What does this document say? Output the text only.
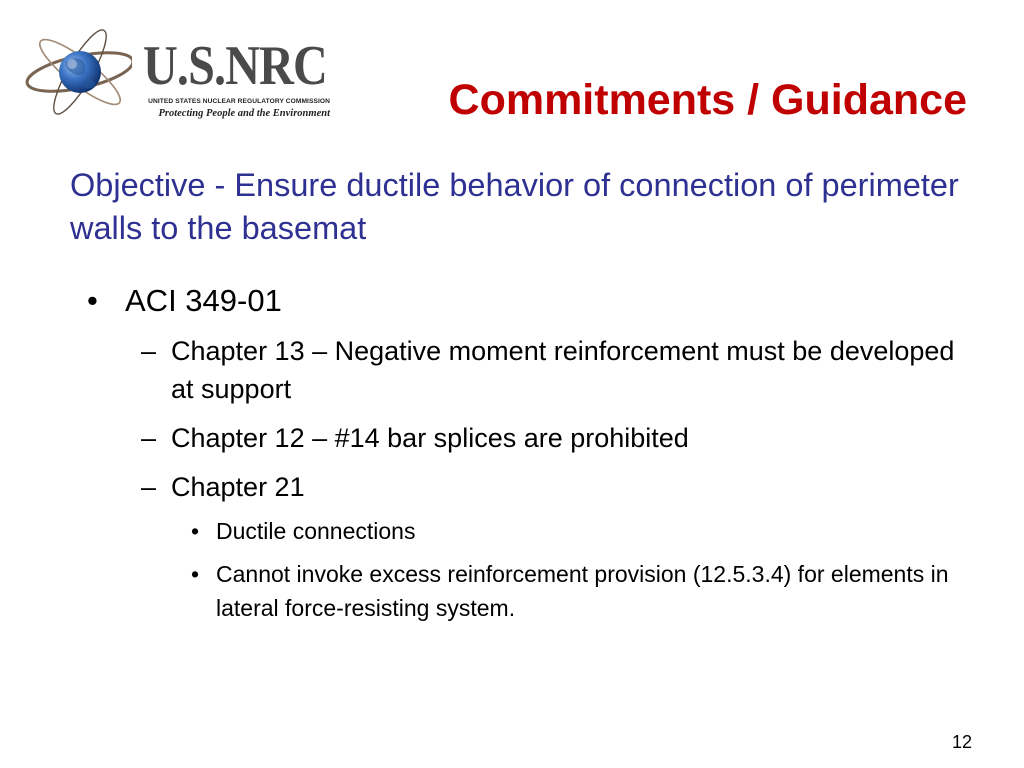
U.S.NRC
UNITED STATES NUCLEAR REGULATORY COMMISSION
Protecting People and the Environment	Commitments / Guidance
Objective - Ensure ductile behavior of connection of perimeter walls to the basemat
• ACI 349-01
– Chapter 13 – Negative moment reinforcement must be developed at support
– Chapter 12 – #14 bar splices are prohibited
– Chapter 21
• Ductile connections
• Cannot invoke excess reinforcement provision (12.5.3.4) for elements in lateral force-resisting system.
12
